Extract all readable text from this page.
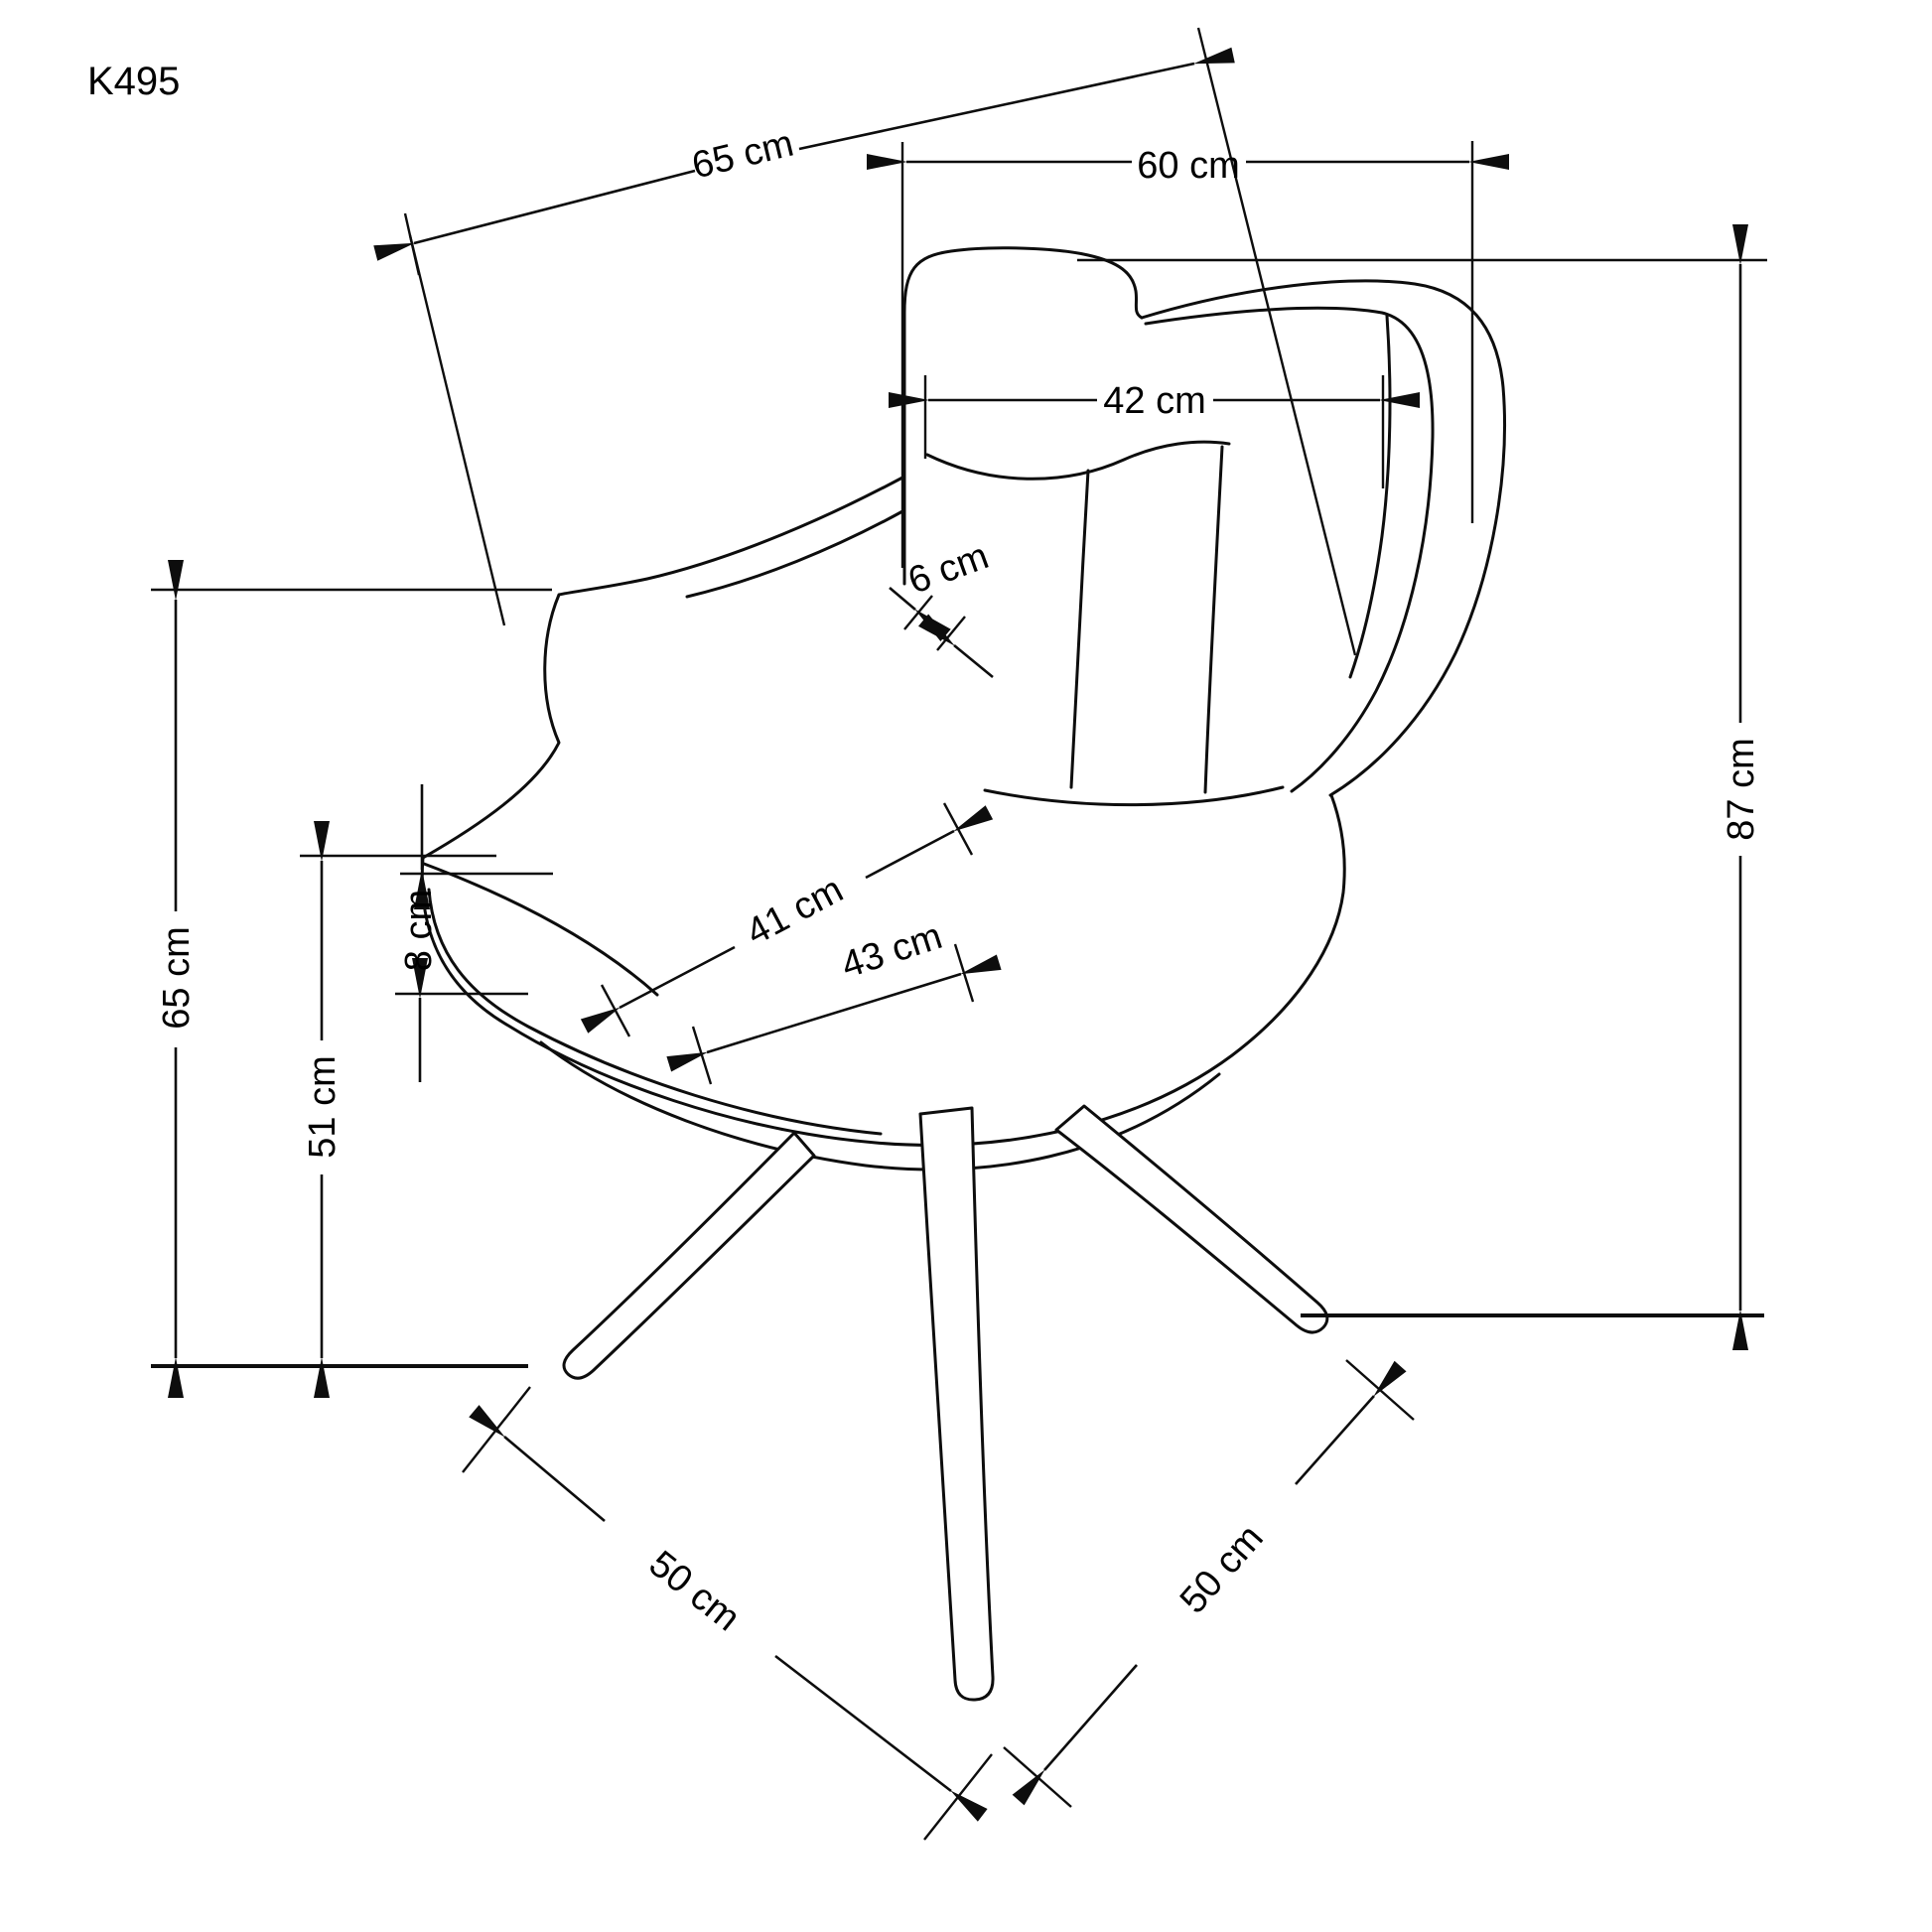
65 cm	60 cm
42 cm
6 cm
87 cm
41 cm
43 cm
8 cm
65 cm
51 cm
50 cm	50 cm
K495
